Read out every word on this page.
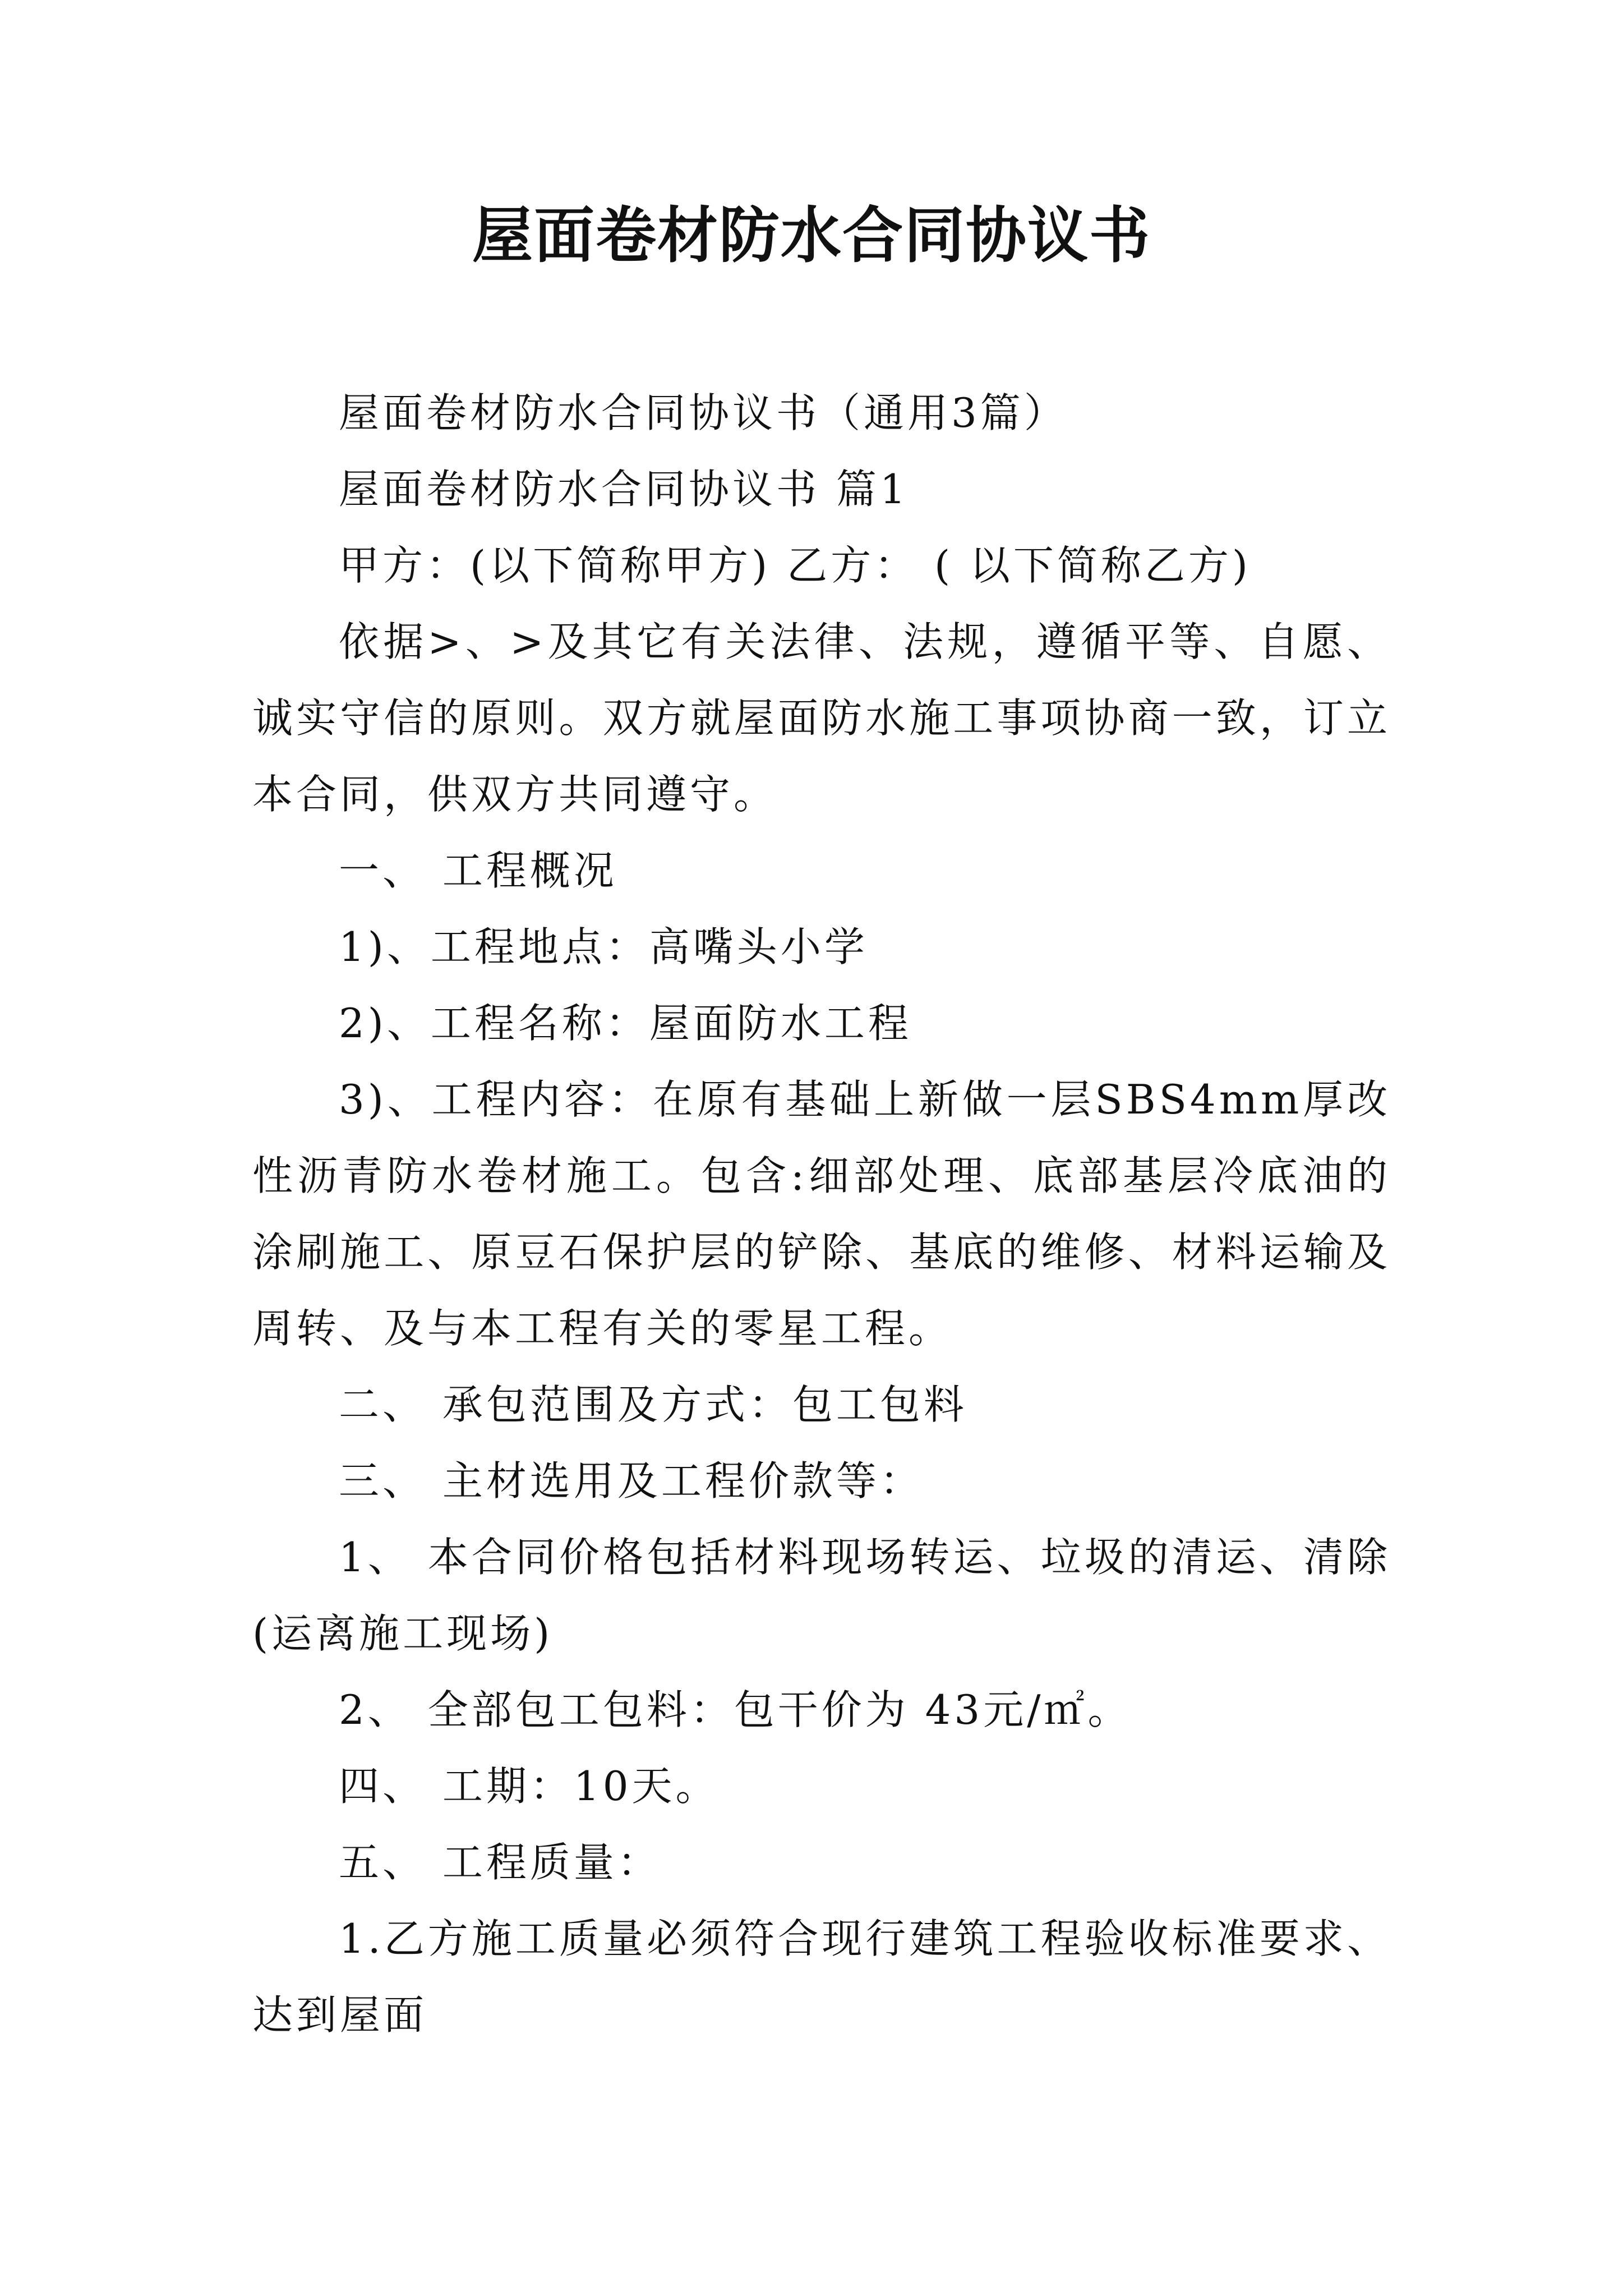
屋面卷材防水合同协议书

屋面卷材防水合同协议书（通用3篇）

屋面卷材防水合同协议书 篇1

甲方：(以下简称甲方) 乙方： ( 以下简称乙方)

依据>、>及其它有关法律、法规，遵循平等、自愿、诚实守信的原则。双方就屋面防水施工事项协商一致，订立本合同，供双方共同遵守。

一、 工程概况

1)、工程地点：高嘴头小学

2)、工程名称：屋面防水工程

3)、工程内容：在原有基础上新做一层SBS4mm厚改性沥青防水卷材施工。包含:细部处理、底部基层冷底油的涂刷施工、原豆石保护层的铲除、基底的维修、材料运输及周转、及与本工程有关的零星工程。

二、 承包范围及方式：包工包料

三、 主材选用及工程价款等：

1、 本合同价格包括材料现场转运、垃圾的清运、清除(运离施工现场)

2、 全部包工包料：包干价为 43元/㎡。

四、 工期：10天。

五、 工程质量：

1.乙方施工质量必须符合现行建筑工程验收标准要求、达到屋面
